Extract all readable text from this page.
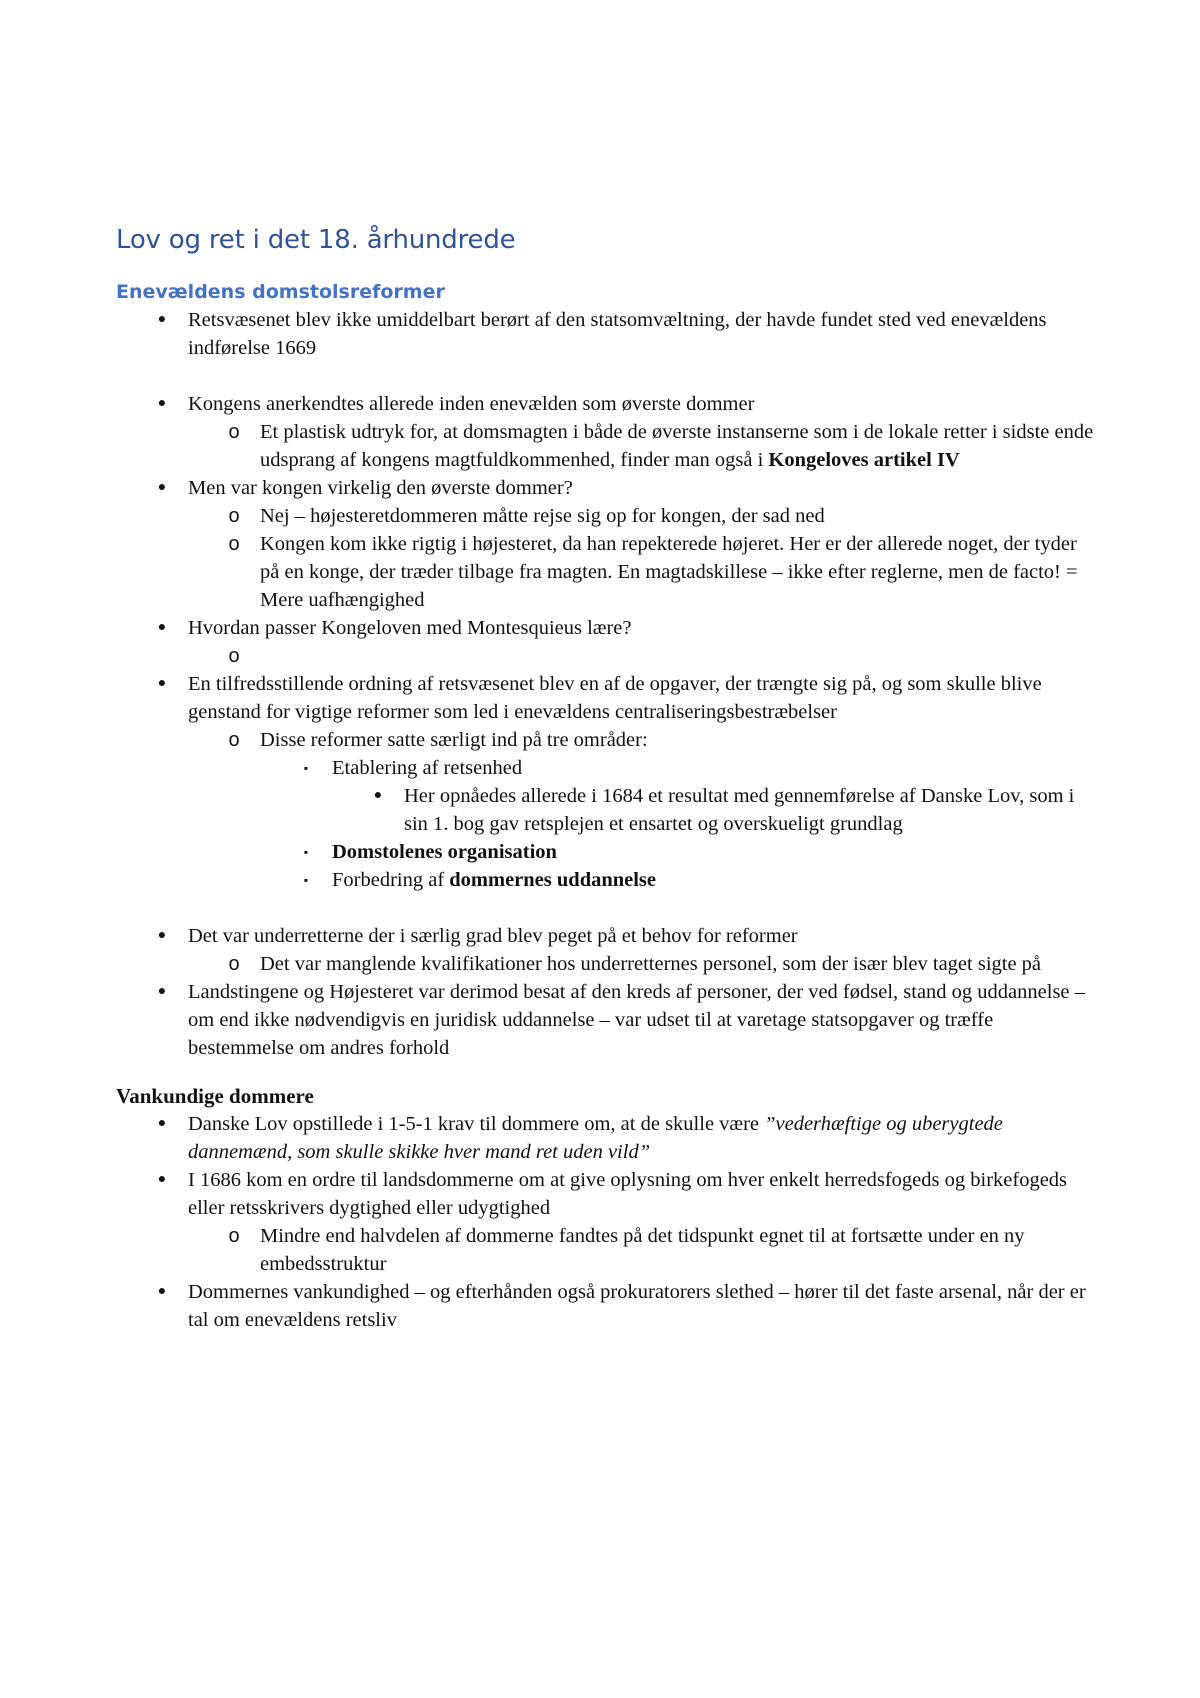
Lov og ret i det 18. århundrede
Enevældens domstolsreformer
● Retsvæsenet blev ikke umiddelbart berørt af den statsomvæltning, der havde fundet sted ved enevældens indførelse 1669
● Kongens anerkendtes allerede inden enevælden som øverste dommer
o Et plastisk udtryk for, at domsmagten i både de øverste instanserne som i de lokale retter i sidste ende udsprang af kongens magtfuldkommenhed, finder man også i Kongeloves artikel IV
● Men var kongen virkelig den øverste dommer?
o Nej – højesteretdommeren måtte rejse sig op for kongen, der sad ned
o Kongen kom ikke rigtig i højesteret, da han repekterede højeret. Her er der allerede noget, der tyder på en konge, der træder tilbage fra magten. En magtadskillese – ikke efter reglerne, men de facto! = Mere uafhængighed
● Hvordan passer Kongeloven med Montesquieus lære?
o

● En tilfredsstillende ordning af retsvæsenet blev en af de opgaver, der trængte sig på, og som skulle blive genstand for vigtige reformer som led i enevældens centraliseringsbestræbelser
o Disse reformer satte særligt ind på tre områder:
▪	Etablering af retsenhed
● Her opnåedes allerede i 1684 et resultat med gennemførelse af Danske Lov, som i sin 1. bog gav retsplejen et ensartet og overskueligt grundlag
▪	Domstolenes organisation
▪	Forbedring af dommernes uddannelse
● Det var underretterne der i særlig grad blev peget på et behov for reformer
o Det var manglende kvalifikationer hos underretternes personel, som der især blev taget sigte på
● Landstingene og Højesteret var derimod besat af den kreds af personer, der ved fødsel, stand og uddannelse – om end ikke nødvendigvis en juridisk uddannelse – var udset til at varetage statsopgaver og træffe bestemmelse om andres forhold
Vankundige dommere
● Danske Lov opstillede i 1-5-1 krav til dommere om, at de skulle være ”vederhæftige og uberygtede dannemænd, som skulle skikke hver mand ret uden vild”
● I 1686 kom en ordre til landsdommerne om at give oplysning om hver enkelt herredsfogeds og birkefogeds eller retsskrivers dygtighed eller udygtighed
o Mindre end halvdelen af dommerne fandtes på det tidspunkt egnet til at fortsætte under en ny embedsstruktur
● Dommernes vankundighed – og efterhånden også prokuratorers slethed – hører til det faste arsenal, når der er tal om enevældens retsliv
